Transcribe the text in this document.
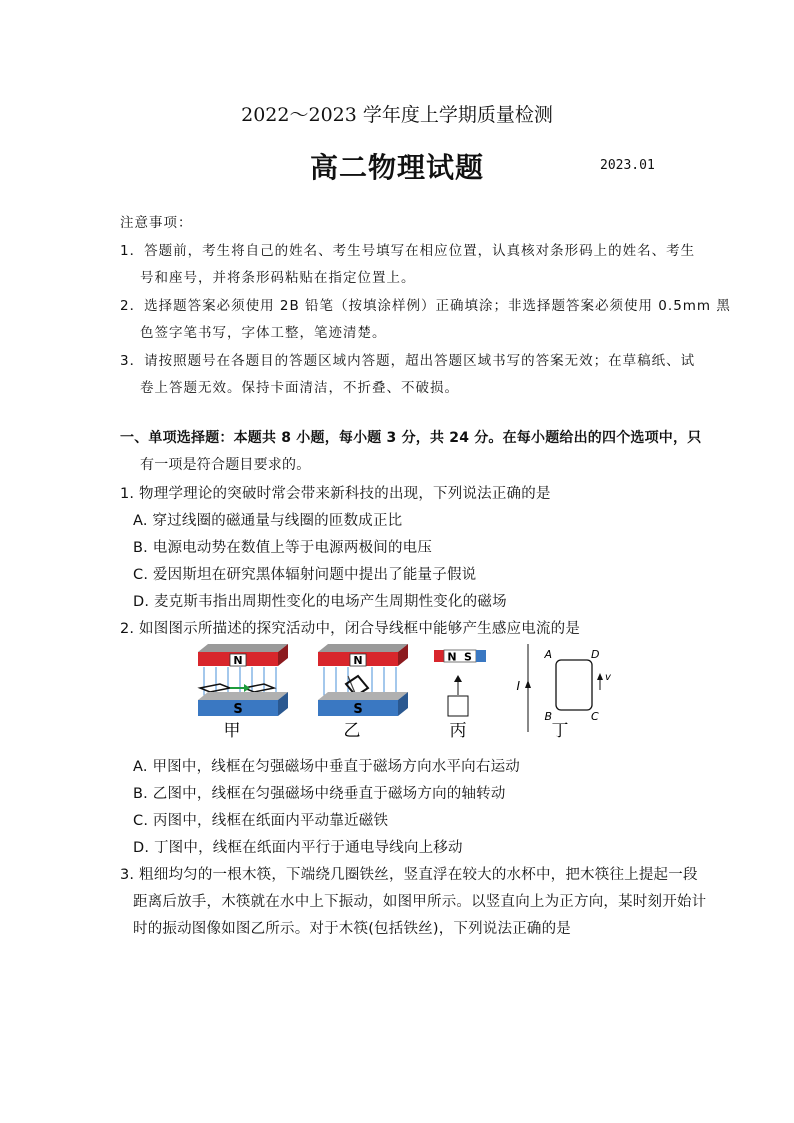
2022～2023 学年度上学期质量检测
高二物理试题	2023.01
注意事项：
1．答题前，考生将自己的姓名、考生号填写在相应位置，认真核对条形码上的姓名、考生
号和座号，并将条形码粘贴在指定位置上。
2．选择题答案必须使用 2B 铅笔（按填涂样例）正确填涂；非选择题答案必须使用 0.5mm 黑
色签字笔书写，字体工整，笔迹清楚。
3．请按照题号在各题目的答题区域内答题，超出答题区域书写的答案无效；在草稿纸、试
卷上答题无效。保持卡面清洁，不折叠、不破损。
一、单项选择题：本题共 8 小题，每小题 3 分，共 24 分。在每小题给出的四个选项中，只
有一项是符合题目要求的。
1. 物理学理论的突破时常会带来新科技的出现，下列说法正确的是
A. 穿过线圈的磁通量与线圈的匝数成正比
B. 电源电动势在数值上等于电源两极间的电压
C. 爱因斯坦在研究黑体辐射问题中提出了能量子假说
D. 麦克斯韦指出周期性变化的电场产生周期性变化的磁场
2. 如图图示所描述的探究活动中，闭合导线框中能够产生感应电流的是
N
S
甲
N
S
乙
N S
丙
I
A	D
B	C
v
丁
A. 甲图中，线框在匀强磁场中垂直于磁场方向水平向右运动
B. 乙图中，线框在匀强磁场中绕垂直于磁场方向的轴转动
C. 丙图中，线框在纸面内平动靠近磁铁
D. 丁图中，线框在纸面内平行于通电导线向上移动
3. 粗细均匀的一根木筷，下端绕几圈铁丝，竖直浮在较大的水杯中，把木筷往上提起一段
距离后放手，木筷就在水中上下振动，如图甲所示。以竖直向上为正方向，某时刻开始计
时的振动图像如图乙所示。对于木筷(包括铁丝)，下列说法正确的是
